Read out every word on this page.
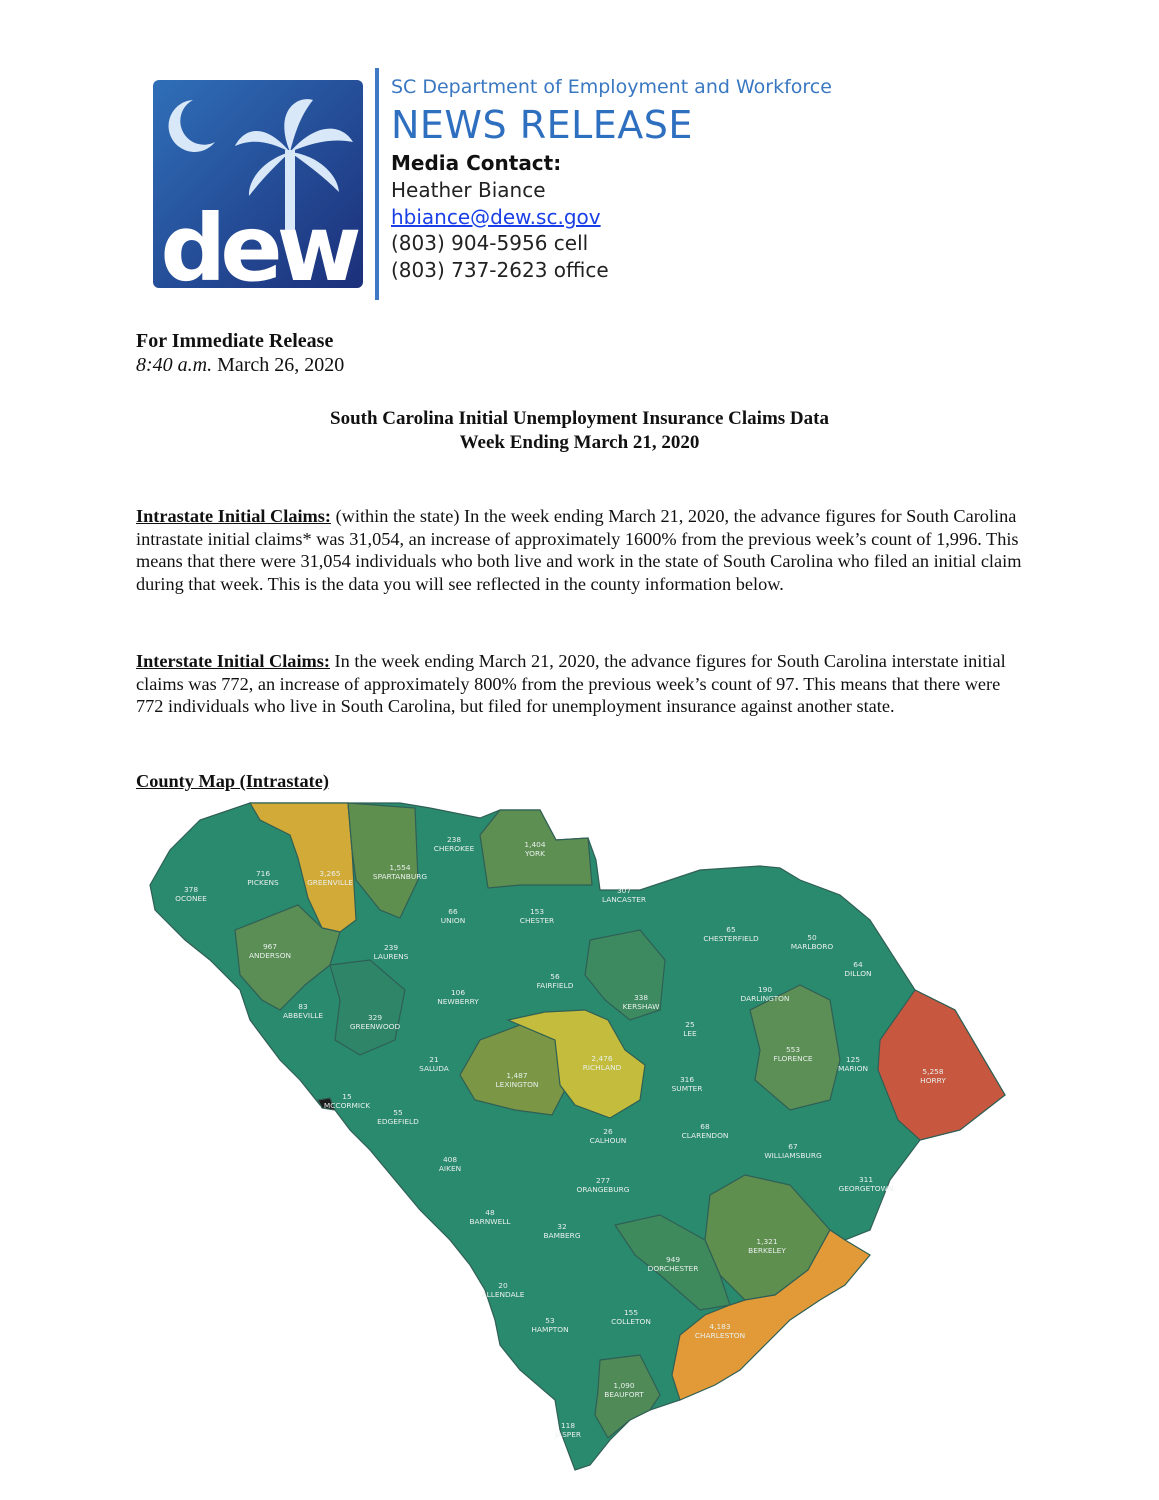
dew
SC Department of Employment and Workforce
NEWS RELEASE
Media Contact:
Heather Biance
hbiance@dew.sc.gov
(803) 904-5956 cell
(803) 737-2623 office
For Immediate Release
8:40 a.m. March 26, 2020
South Carolina Initial Unemployment Insurance Claims Data
Week Ending March 21, 2020
Intrastate Initial Claims: (within the state) In the week ending March 21, 2020, the advance figures for South Carolina intrastate initial claims* was 31,054, an increase of approximately 1600% from the previous week’s count of 1,996. This means that there were 31,054 individuals who both live and work in the state of South Carolina who filed an initial claim during that week. This is the data you will see reflected in the county information below.
Interstate Initial Claims: In the week ending March 21, 2020, the advance figures for South Carolina interstate initial claims was 772, an increase of approximately 800% from the previous week’s count of 97. This means that there were 772 individuals who live in South Carolina, but filed for unemployment insurance against another state.
County Map (Intrastate)
378
OCONEE
716
PICKENS
3,265
GREENVILLE
1,554
SPARTANBURG
238
CHEROKEE	1,404
YORK
307
LANCASTER
153
CHESTER
66
UNION
967
ANDERSON
239
LAURENS
65
CHESTERFIELD	50
MARLBORO
64
DILLON
56
FAIRFIELD
338
KERSHAW
190
DARLINGTON
106
NEWBERRY
83
ABBEVILLE	329
GREENWOOD	25
LEE
553
FLORENCE	125
MARION	5,258
HORRY
21
SALUDA
1,487
LEXINGTON
2,476
RICHLAND
316
SUMTER
15
MCCORMICK
55
EDGEFIELD
26
CALHOUN
68
CLARENDON
67
WILLIAMSBURG
408
AIKEN
277
ORANGEBURG
311
GEORGETOWN
48
BARNWELL
32
BAMBERG
1,321
BERKELEY
949
DORCHESTER
20
ALLENDALE
53
HAMPTON
155
COLLETON
4,183
CHARLESTON
1,090
BEAUFORT
118
JASPER
